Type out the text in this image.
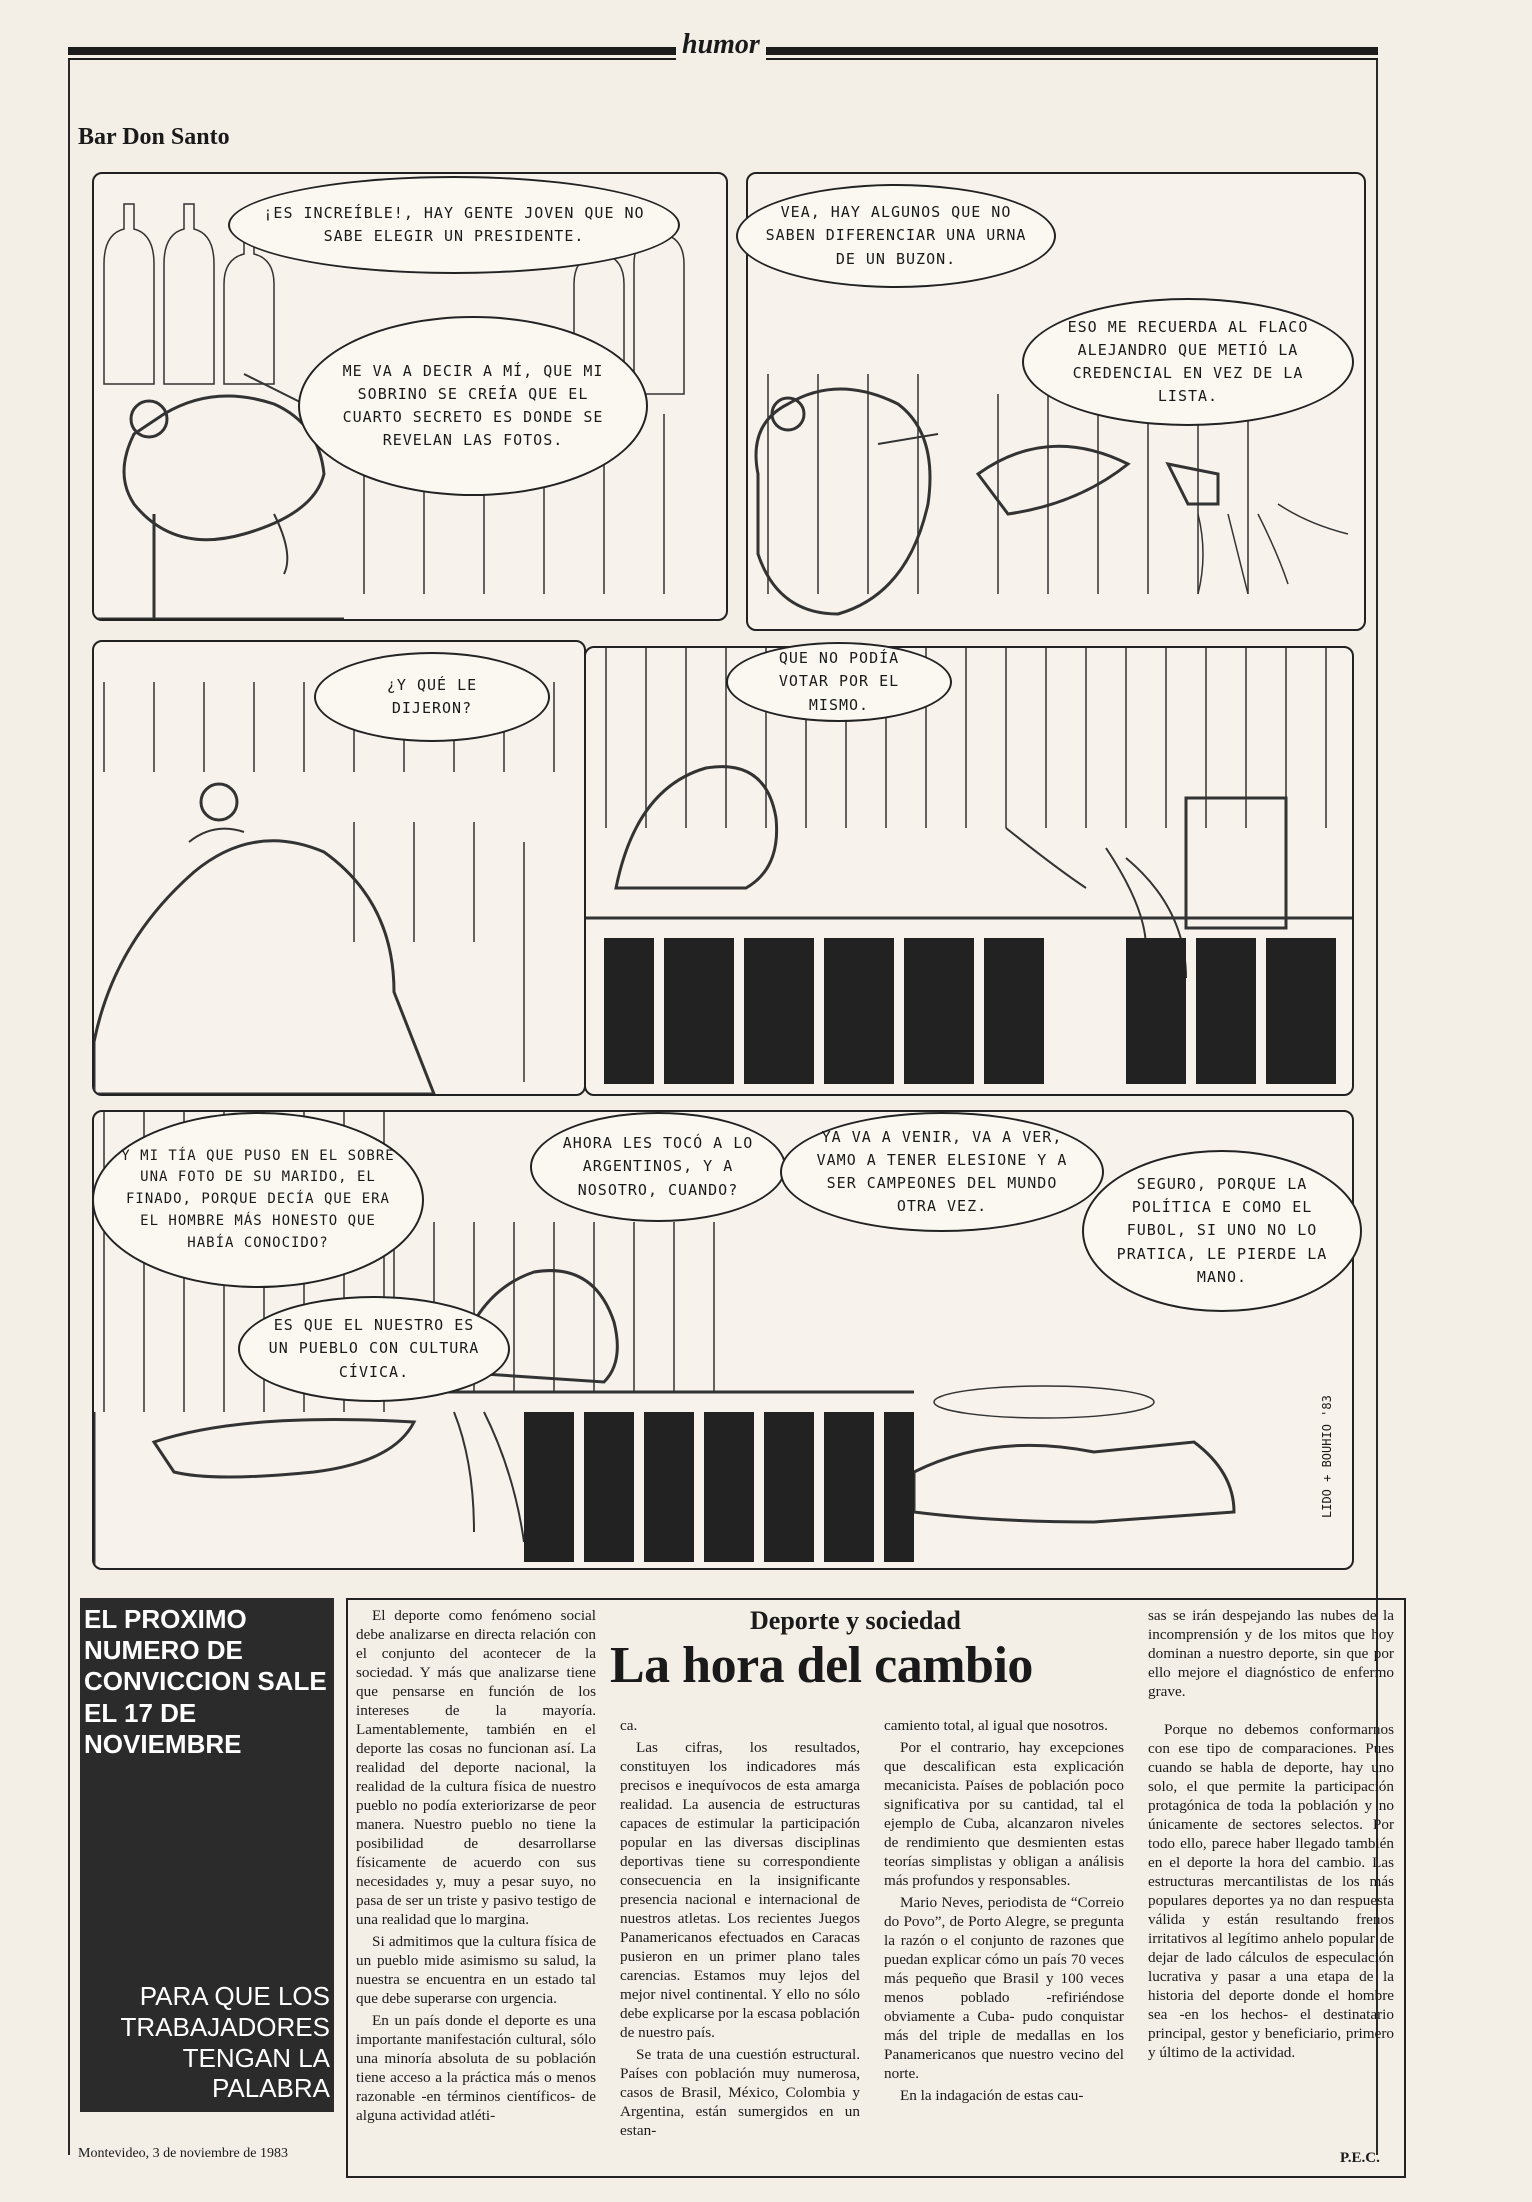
humor
Bar Don Santo
¡ES INCREÍBLE!, HAY GENTE JOVEN QUE NO SABE ELEGIR UN PRESIDENTE.
ME VA A DECIR A MÍ, QUE MI SOBRINO SE CREÍA QUE EL CUARTO SECRETO ES DONDE SE REVELAN LAS FOTOS.
VEA, HAY ALGUNOS QUE NO SABEN DIFERENCIAR UNA URNA DE UN BUZON.
ESO ME RECUERDA AL FLACO ALEJANDRO QUE METIÓ LA CREDENCIAL EN VEZ DE LA LISTA.
¿Y QUÉ LE DIJERON?
QUE NO PODÍA VOTAR POR EL MISMO.
Y MI TÍA QUE PUSO EN EL SOBRE UNA FOTO DE SU MARIDO, EL FINADO, PORQUE DECÍA QUE ERA EL HOMBRE MÁS HONESTO QUE HABÍA CONOCIDO?
ES QUE EL NUESTRO ES UN PUEBLO CON CULTURA CÍVICA.
AHORA LES TOCÓ A LO ARGENTINOS, Y A NOSOTRO, CUANDO?
YA VA A VENIR, VA A VER, VAMO A TENER ELESIONE Y A SER CAMPEONES DEL MUNDO OTRA VEZ.
SEGURO, PORQUE LA POLÍTICA E COMO EL FUBOL, SI UNO NO LO PRATICA, LE PIERDE LA MANO.
LIDO + BOUHIO '83
EL PROXIMO NUMERO DE CONVICCION SALE EL 17 DE NOVIEMBRE
PARA QUE LOS TRABAJADORES TENGAN LA PALABRA
Montevideo, 3 de noviembre de 1983
Deporte y sociedad
La hora del cambio

El deporte como fenómeno social debe analizarse en directa relación con el conjunto del acontecer de la sociedad. Y más que analizarse tiene que pensarse en función de los intereses de la mayoría. Lamentablemente, también en el deporte las cosas no funcionan así. La realidad del deporte nacional, la realidad de la cultura física de nuestro pueblo no podía exteriorizarse de peor manera. Nuestro pueblo no tiene la posibilidad de desarrollarse físicamente de acuerdo con sus necesidades y, muy a pesar suyo, no pasa de ser un triste y pasivo testigo de una realidad que lo margina.

Si admitimos que la cultura física de un pueblo mide asimismo su salud, la nuestra se encuentra en un estado tal que debe superarse con urgencia.

En un país donde el deporte es una importante manifestación cultural, sólo una minoría absoluta de su población tiene acceso a la práctica más o menos razonable -en términos científicos- de alguna actividad atléti-

ca.

Las cifras, los resultados, constituyen los indicadores más precisos e inequívocos de esta amarga realidad. La ausencia de estructuras capaces de estimular la participación popular en las diversas disciplinas deportivas tiene su correspondiente consecuencia en la insignificante presencia nacional e internacional de nuestros atletas. Los recientes Juegos Panamericanos efectuados en Caracas pusieron en un primer plano tales carencias. Estamos muy lejos del mejor nivel continental. Y ello no sólo debe explicarse por la escasa población de nuestro país.

Se trata de una cuestión estructural. Países con población muy numerosa, casos de Brasil, México, Colombia y Argentina, están sumergidos en un estan-

camiento total, al igual que nosotros.

Por el contrario, hay excepciones que descalifican esta explicación mecanicista. Países de población poco significativa por su cantidad, tal el ejemplo de Cuba, alcanzaron niveles de rendimiento que desmienten estas teorías simplistas y obligan a análisis más profundos y responsables.

Mario Neves, periodista de “Correio do Povo”, de Porto Alegre, se pregunta la razón o el conjunto de razones que puedan explicar cómo un país 70 veces más pequeño que Brasil y 100 veces menos poblado -refiriéndose obviamente a Cuba- pudo conquistar más del triple de medallas en los Panamericanos que nuestro vecino del norte.

En la indagación de estas cau-

sas se irán despejando las nubes de la incomprensión y de los mitos que hoy dominan a nuestro deporte, sin que por ello mejore el diagnóstico de enfermo grave.

Porque no debemos conformarnos con ese tipo de comparaciones. Pues cuando se habla de deporte, hay uno solo, el que permite la participación protagónica de toda la población y no únicamente de sectores selectos. Por todo ello, parece haber llegado también en el deporte la hora del cambio. Las estructuras mercantilistas de los más populares deportes ya no dan respuesta válida y están resultando frenos irritativos al legítimo anhelo popular de dejar de lado cálculos de especulación lucrativa y pasar a una etapa de la historia del deporte donde el hombre sea -en los hechos- el destinatario principal, gestor y beneficiario, primero y último de la actividad.

P.E.C.
